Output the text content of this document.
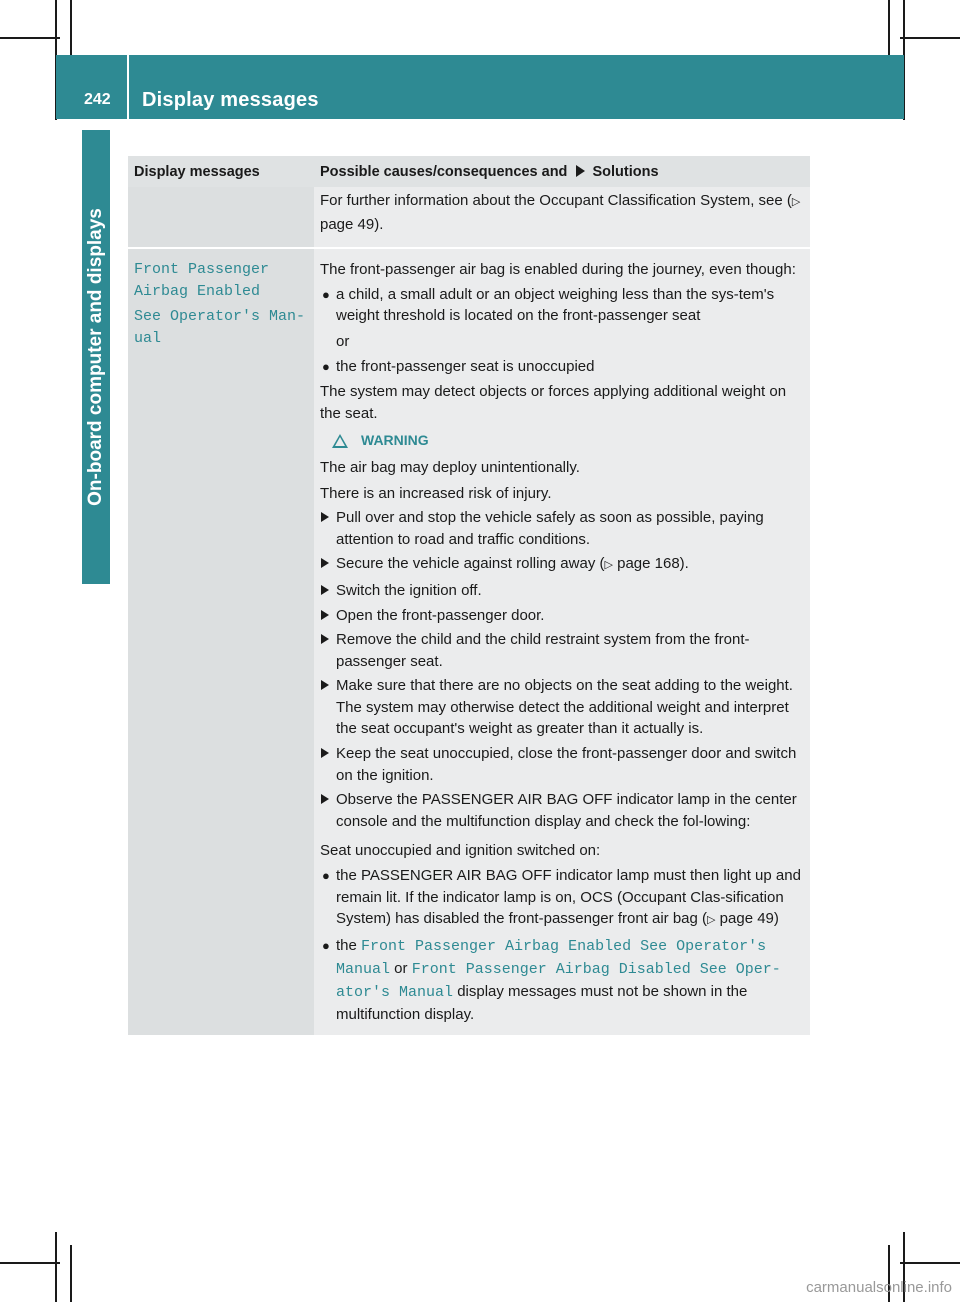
242 Display messages
On-board computer and displays
Display messages	Possible causes/consequences and Solutions
For further information about the Occupant Classification System, see (▷ page 49).
Front Passenger
Airbag Enabled
See Operator's Man‐
ual

The front-passenger air bag is enabled during the journey, even though:

● a child, a small adult or an object weighing less than the sys-tem's weight threshold is located on the front-passenger seat

or

● the front-passenger seat is unoccupied

The system may detect objects or forces applying additional weight on the seat.

WARNING

The air bag may deploy unintentionally.

There is an increased risk of injury.

Pull over and stop the vehicle safely as soon as possible, paying attention to road and traffic conditions.
Secure the vehicle against rolling away (▷ page 168).
Switch the ignition off.
Open the front-passenger door.
Remove the child and the child restraint system from the front-passenger seat.
Make sure that there are no objects on the seat adding to the weight.
The system may otherwise detect the additional weight and interpret the seat occupant's weight as greater than it actually is.
Keep the seat unoccupied, close the front-passenger door and switch on the ignition.
Observe the PASSENGER AIR BAG OFF indicator lamp in the center console and the multifunction display and check the fol-lowing:

Seat unoccupied and ignition switched on:

● the PASSENGER AIR BAG OFF indicator lamp must then light up and remain lit. If the indicator lamp is on, OCS (Occupant Clas-sification System) has disabled the front-passenger front air bag (▷ page 49)
● the Front Passenger Airbag Enabled See Operator's Manual or Front Passenger Airbag Disabled See Oper‐ator's Manual display messages must not be shown in the multifunction display.
carmanualsonline.info
